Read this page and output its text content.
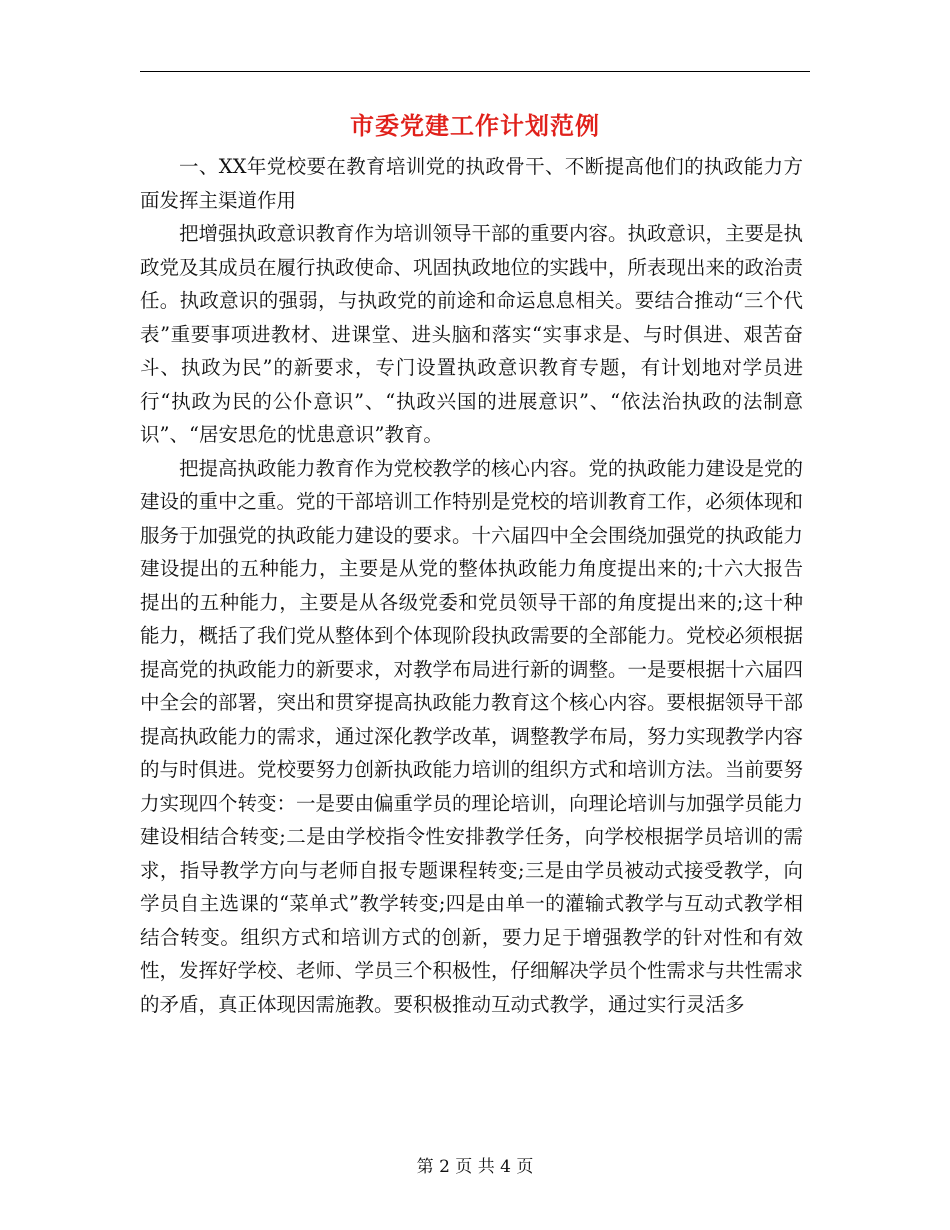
市委党建工作计划范例

一、XX年党校要在教育培训党的执政骨干、不断提高他们的执政能力方面发挥主渠道作用

把增强执政意识教育作为培训领导干部的重要内容。执政意识，主要是执政党及其成员在履行执政使命、巩固执政地位的实践中，所表现出来的政治责任。执政意识的强弱，与执政党的前途和命运息息相关。要结合推动“三个代表”重要事项进教材、进课堂、进头脑和落实“实事求是、与时俱进、艰苦奋斗、执政为民”的新要求，专门设置执政意识教育专题，有计划地对学员进行“执政为民的公仆意识”、“执政兴国的进展意识”、“依法治执政的法制意识”、“居安思危的忧患意识”教育。

把提高执政能力教育作为党校教学的核心内容。党的执政能力建设是党的建设的重中之重。党的干部培训工作特别是党校的培训教育工作，必须体现和服务于加强党的执政能力建设的要求。十六届四中全会围绕加强党的执政能力建设提出的五种能力，主要是从党的整体执政能力角度提出来的;十六大报告提出的五种能力，主要是从各级党委和党员领导干部的角度提出来的;这十种能力，概括了我们党从整体到个体现阶段执政需要的全部能力。党校必须根据提高党的执政能力的新要求，对教学布局进行新的调整。一是要根据十六届四中全会的部署，突出和贯穿提高执政能力教育这个核心内容。要根据领导干部提高执政能力的需求，通过深化教学改革，调整教学布局，努力实现教学内容的与时俱进。党校要努力创新执政能力培训的组织方式和培训方法。当前要努力实现四个转变：一是要由偏重学员的理论培训，向理论培训与加强学员能力建设相结合转变;二是由学校指令性安排教学任务，向学校根据学员培训的需求，指导教学方向与老师自报专题课程转变;三是由学员被动式接受教学，向学员自主选课的“菜单式”教学转变;四是由单一的灌输式教学与互动式教学相结合转变。组织方式和培训方式的创新，要力足于增强教学的针对性和有效性，发挥好学校、老师、学员三个积极性，仔细解决学员个性需求与共性需求的矛盾，真正体现因需施教。要积极推动互动式教学，通过实行灵活多

第 2 页 共 4 页
